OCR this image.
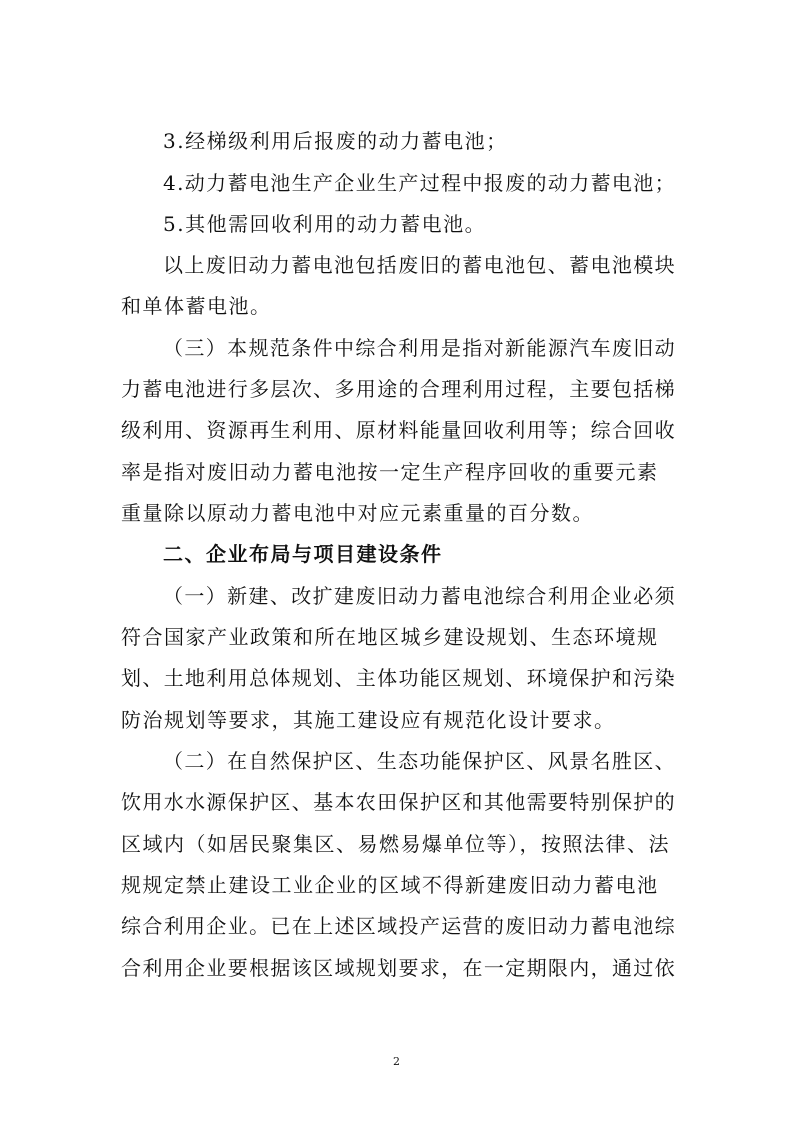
3.经梯级利用后报废的动力蓄电池；
4.动力蓄电池生产企业生产过程中报废的动力蓄电池；
5.其他需回收利用的动力蓄电池。
以上废旧动力蓄电池包括废旧的蓄电池包、蓄电池模块
和单体蓄电池。
（三）本规范条件中综合利用是指对新能源汽车废旧动
力蓄电池进行多层次、多用途的合理利用过程，主要包括梯
级利用、资源再生利用、原材料能量回收利用等；综合回收
率是指对废旧动力蓄电池按一定生产程序回收的重要元素
重量除以原动力蓄电池中对应元素重量的百分数。
二、企业布局与项目建设条件
（一）新建、改扩建废旧动力蓄电池综合利用企业必须
符合国家产业政策和所在地区城乡建设规划、生态环境规
划、土地利用总体规划、主体功能区规划、环境保护和污染
防治规划等要求，其施工建设应有规范化设计要求。
（二）在自然保护区、生态功能保护区、风景名胜区、
饮用水水源保护区、基本农田保护区和其他需要特别保护的
区域内（如居民聚集区、易燃易爆单位等），按照法律、法
规规定禁止建设工业企业的区域不得新建废旧动力蓄电池
综合利用企业。已在上述区域投产运营的废旧动力蓄电池综
合利用企业要根据该区域规划要求，在一定期限内，通过依
2
